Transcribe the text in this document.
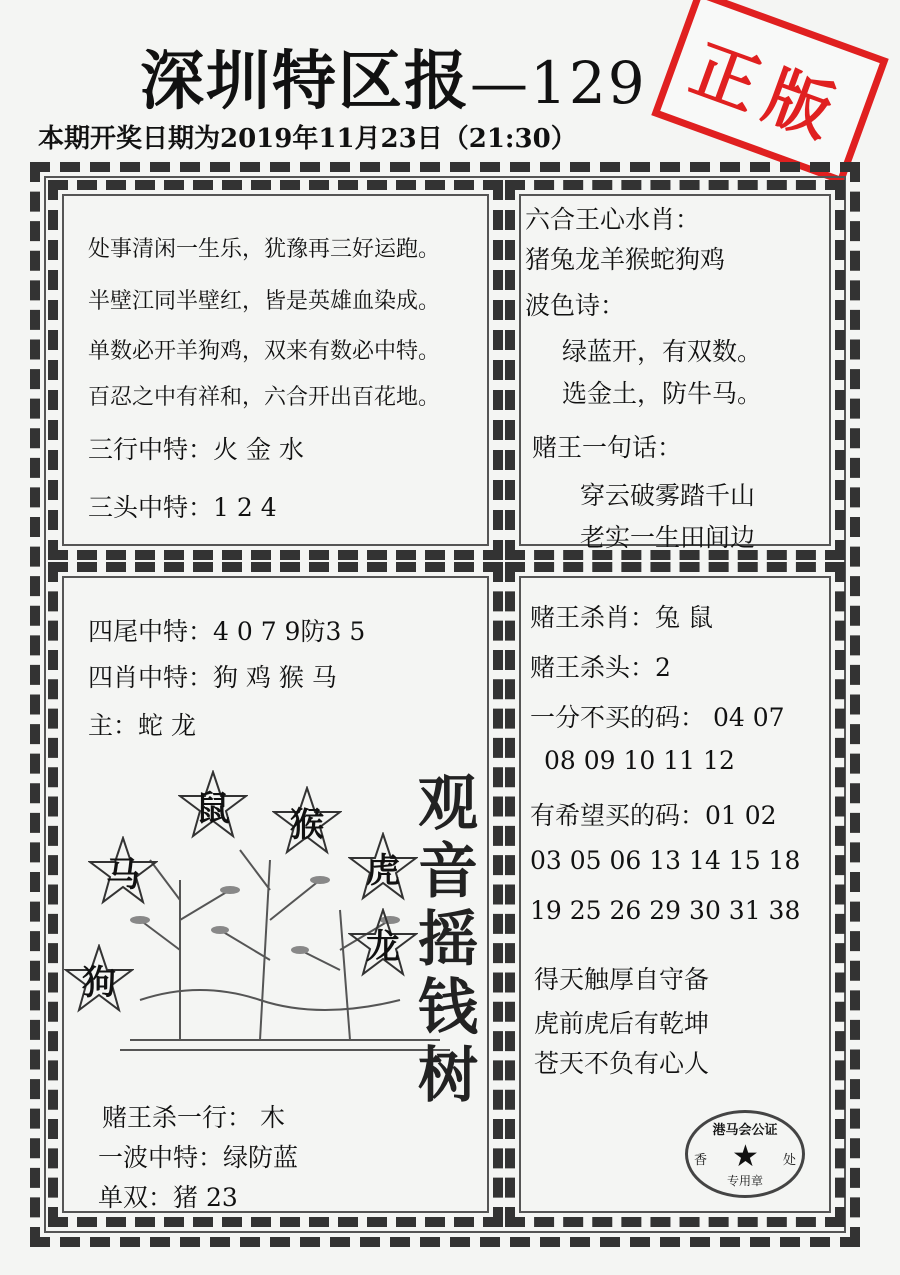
深圳特区报—129
本期开奖日期为2019年11月23日（21:30）	正版
处事清闲一生乐，犹豫再三好运跑。
半壁江同半壁红，皆是英雄血染成。
单数必开羊狗鸡，双来有数必中特。
百忍之中有祥和，六合开出百花地。
三行中特：火 金 水
三头中特：1 2 4
六合王心水肖：
猪兔龙羊猴蛇狗鸡
波色诗：
绿蓝开，有双数。
选金土，防牛马。
赌王一句话：
穿云破雾踏千山
老实一生田间边
四尾中特：4 0 7 9防3 5
四肖中特：狗 鸡 猴 马
主：蛇 龙
鼠	猴
马	虎
龙
狗
观音摇钱树
赌王杀一行： 木
一波中特：绿防蓝
单双：猪 23
赌王杀肖：兔 鼠
赌王杀头：2
一分不买的码： 04 07
08 09 10 11 12
有希望买的码：01 02
03 05 06 13 14 15 18
19 25 26 29 30 31 38
得天触厚自守备
虎前虎后有乾坤
苍天不负有心人
港马会公证
香 ★ 处
专用章
